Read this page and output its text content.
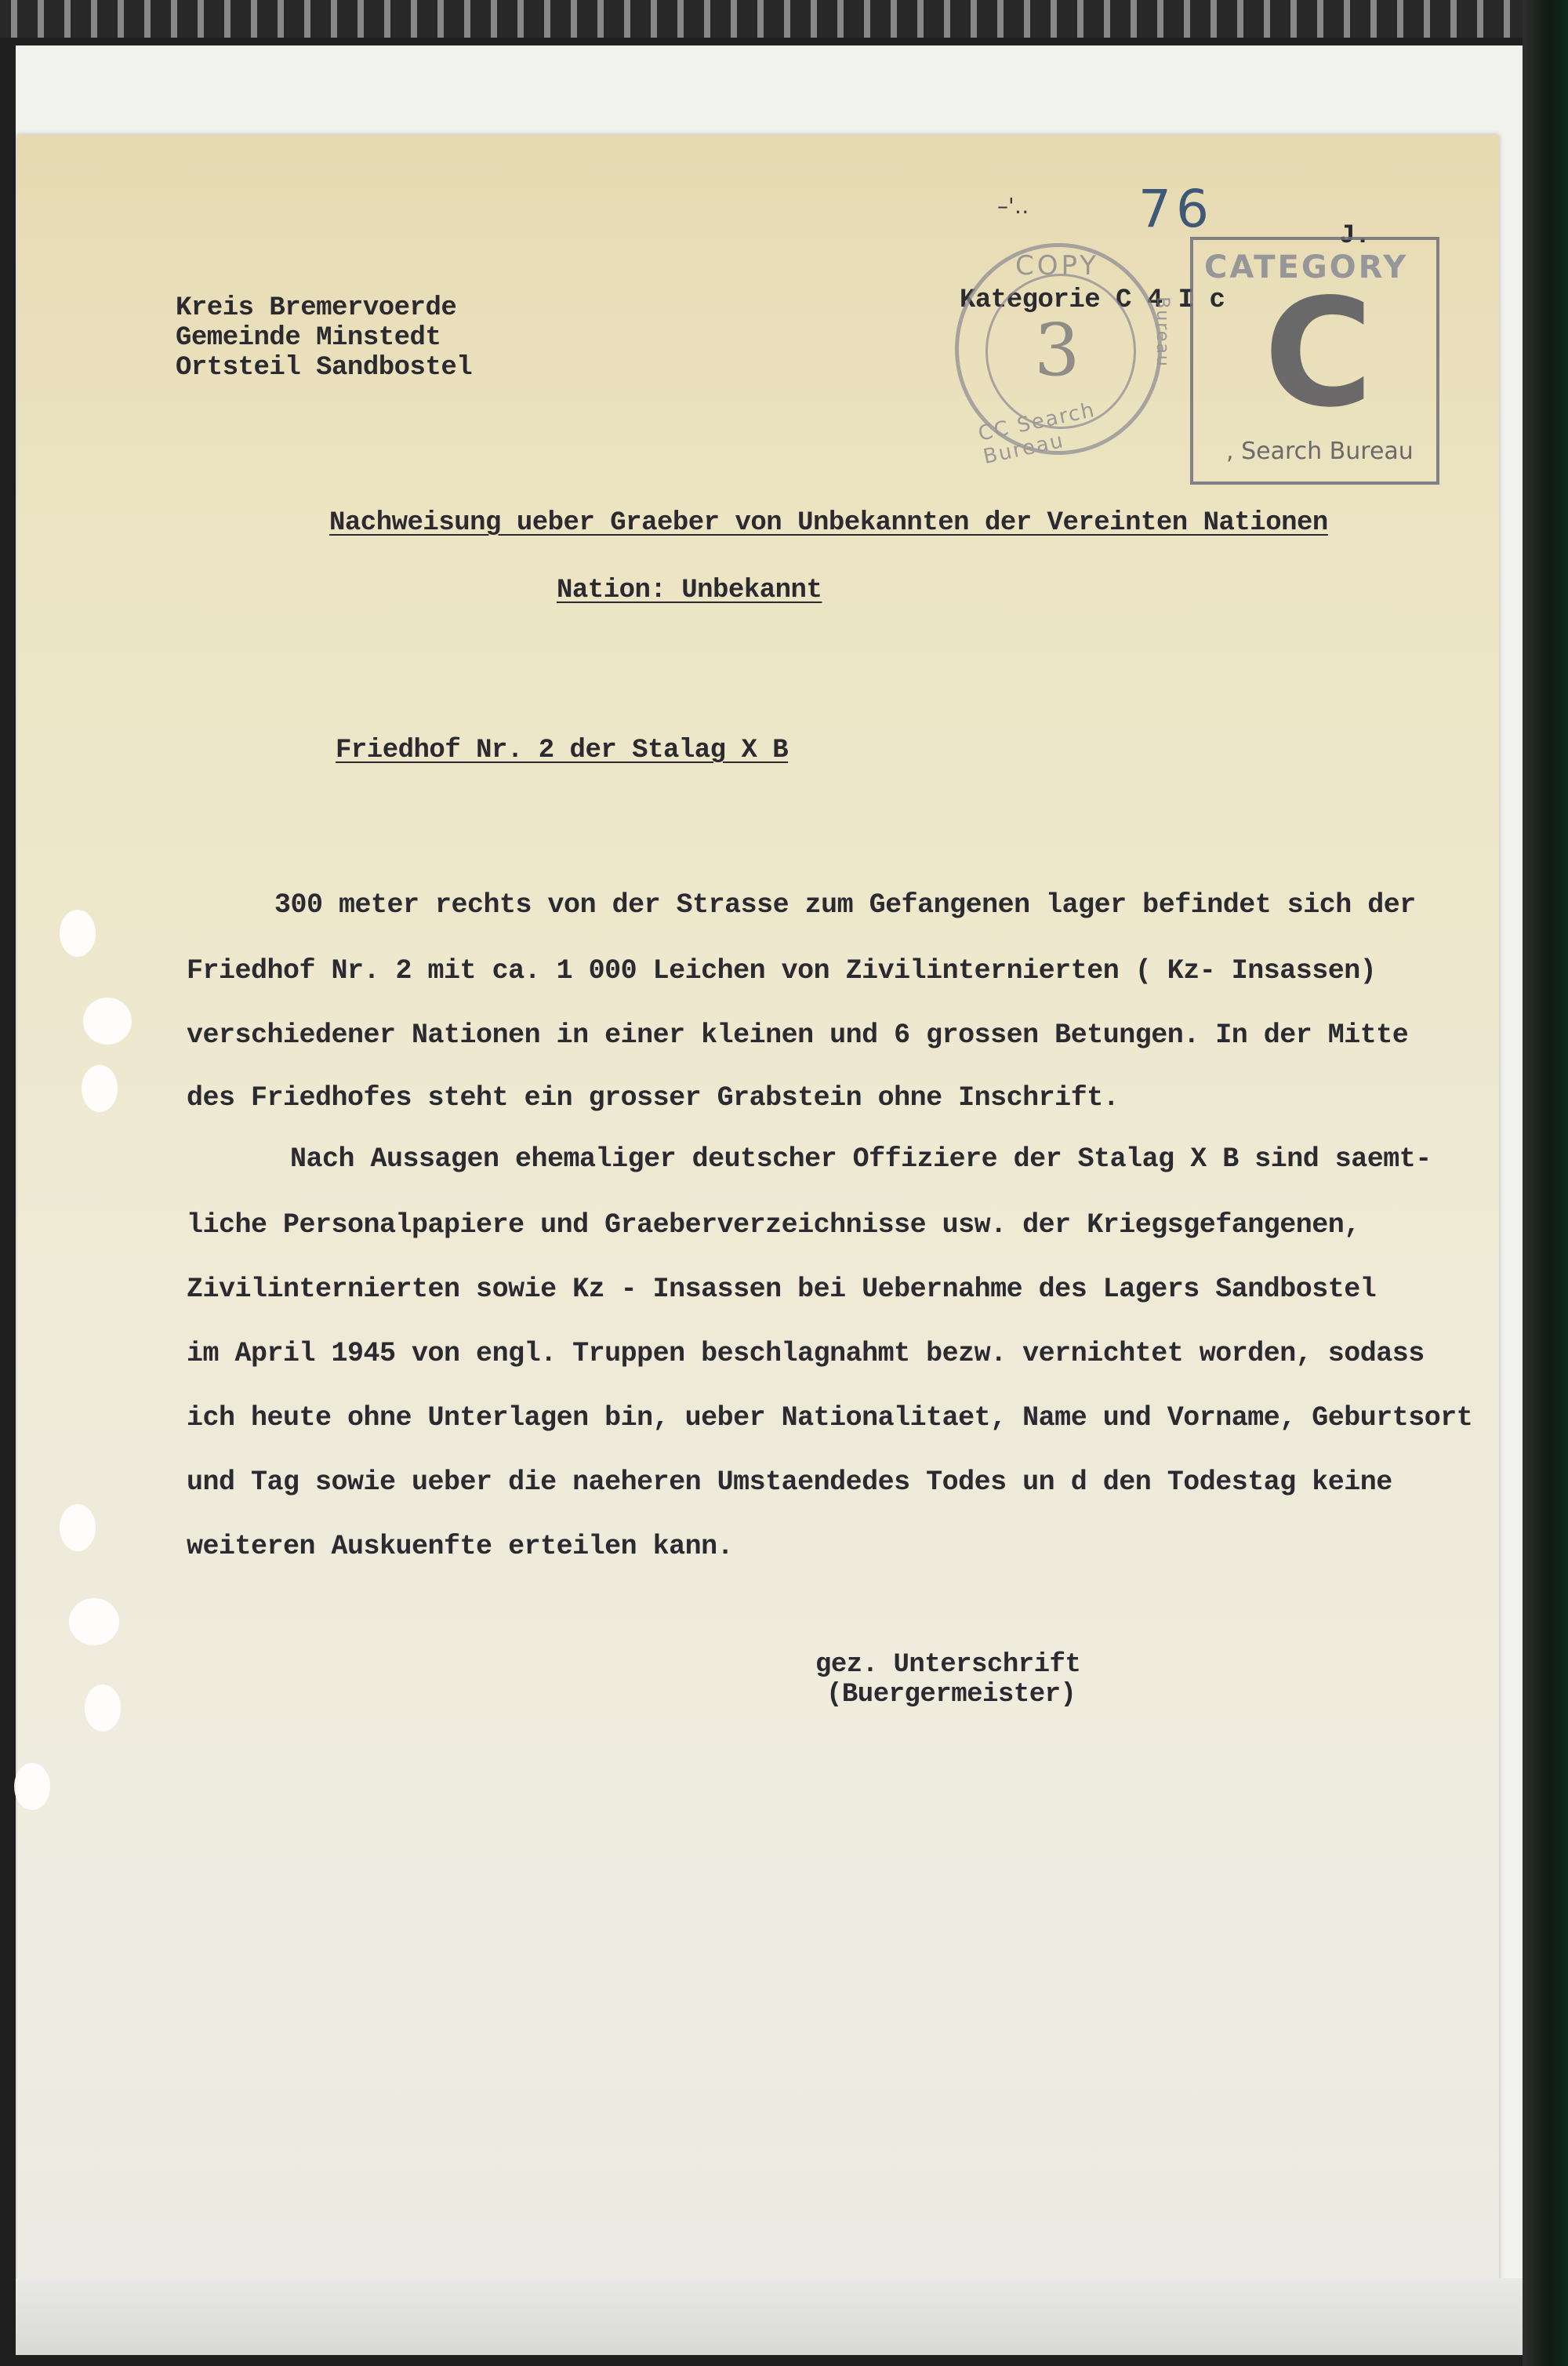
–'‥ 76	J.

Kreis Bremervoerde

Gemeinde Minstedt

Ortsteil Sandbostel

Kategorie C 4 I c

COPY
3
CC Search Bureau
Bureau
CATEGORY
C
, Search Bureau

Nachweisung ueber Graeber von Unbekannten der Vereinten Nationen

Nation: Unbekannt

Friedhof Nr. 2 der Stalag X B

300 meter rechts von der Strasse zum Gefangenen lager befindet sich der

Friedhof Nr. 2 mit ca. 1 000 Leichen von Zivilinternierten ( Kz- Insassen)

verschiedener Nationen in einer kleinen und 6 grossen Betungen. In der Mitte

des Friedhofes steht ein grosser Grabstein ohne Inschrift.

Nach Aussagen ehemaliger deutscher Offiziere der Stalag X B sind saemt-

liche Personalpapiere und Graeberverzeichnisse usw. der Kriegsgefangenen,

Zivilinternierten sowie Kz - Insassen bei Uebernahme des Lagers Sandbostel

im April 1945 von engl. Truppen beschlagnahmt bezw. vernichtet worden, sodass

ich heute ohne Unterlagen bin, ueber Nationalitaet, Name und Vorname, Geburtsort

und Tag sowie ueber die naeheren Umstaendedes Todes un d den Todestag keine

weiteren Auskuenfte erteilen kann.

gez. Unterschrift

(Buergermeister)
